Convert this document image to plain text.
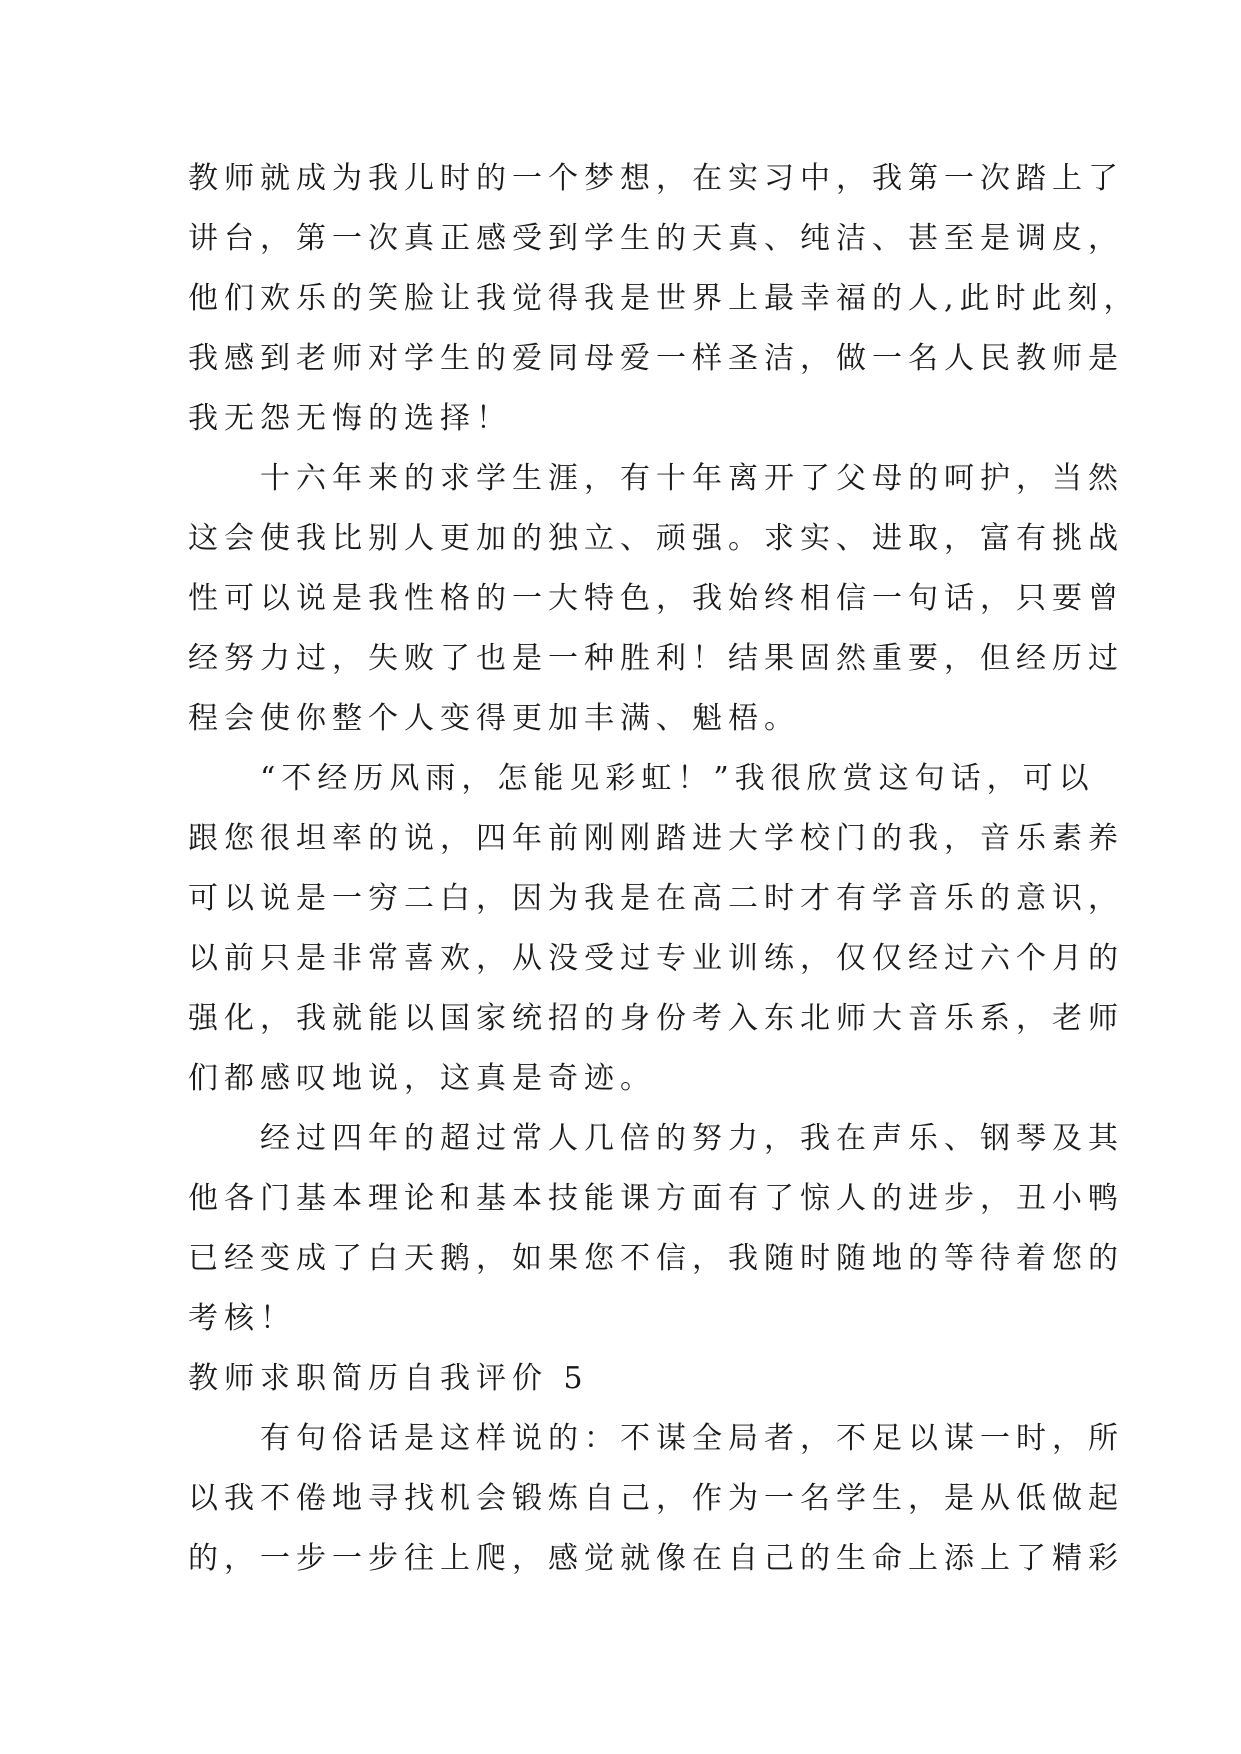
教师就成为我儿时的一个梦想，在实习中，我第一次踏上了
讲台，第一次真正感受到学生的天真、纯洁、甚至是调皮，
他们欢乐的笑脸让我觉得我是世界上最幸福的人,此时此刻，
我感到老师对学生的爱同母爱一样圣洁，做一名人民教师是
我无怨无悔的选择！
　　十六年来的求学生涯，有十年离开了父母的呵护，当然
这会使我比别人更加的独立、顽强。求实、进取，富有挑战
性可以说是我性格的一大特色，我始终相信一句话，只要曾
经努力过，失败了也是一种胜利！结果固然重要，但经历过
程会使你整个人变得更加丰满、魁梧。
　　“不经历风雨，怎能见彩虹！”我很欣赏这句话，可以
跟您很坦率的说，四年前刚刚踏进大学校门的我，音乐素养
可以说是一穷二白，因为我是在高二时才有学音乐的意识，
以前只是非常喜欢，从没受过专业训练，仅仅经过六个月的
强化，我就能以国家统招的身份考入东北师大音乐系，老师
们都感叹地说，这真是奇迹。
　　经过四年的超过常人几倍的努力，我在声乐、钢琴及其
他各门基本理论和基本技能课方面有了惊人的进步，丑小鸭
已经变成了白天鹅，如果您不信，我随时随地的等待着您的
考核！
教师求职简历自我评价 5
　　有句俗话是这样说的：不谋全局者，不足以谋一时，所
以我不倦地寻找机会锻炼自己，作为一名学生，是从低做起
的，一步一步往上爬，感觉就像在自己的生命上添上了精彩
